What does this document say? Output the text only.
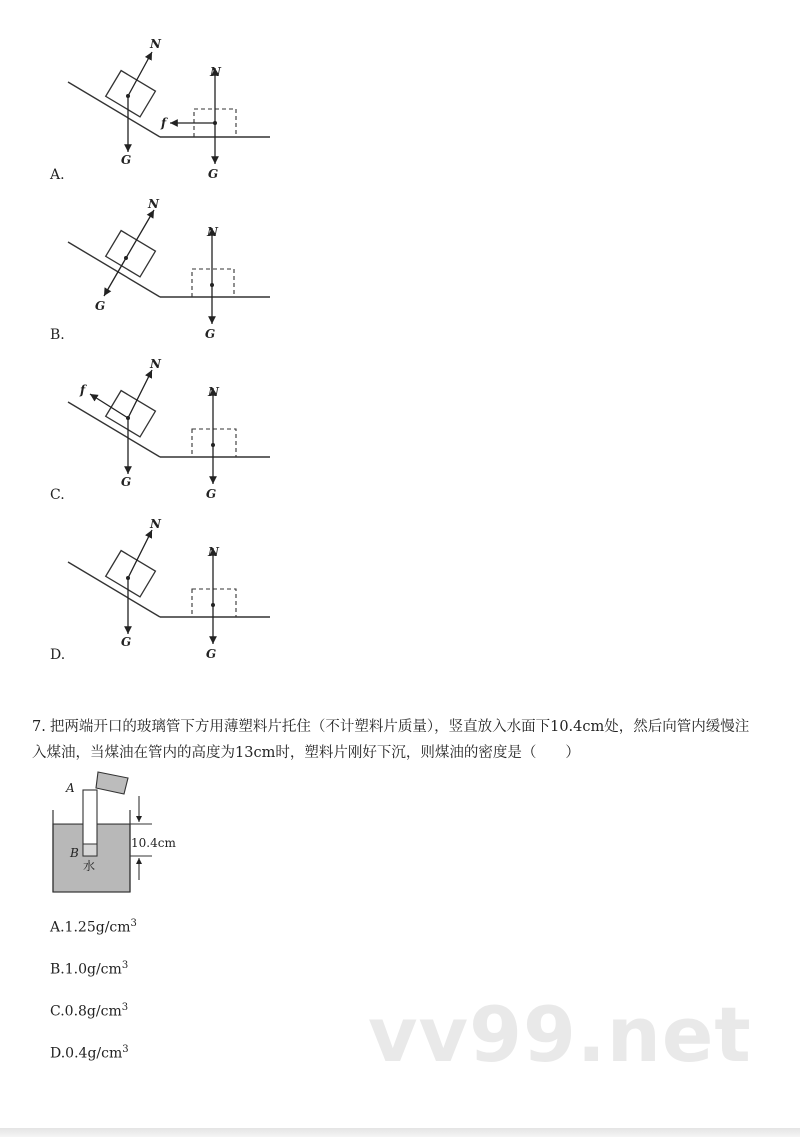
N
G
N
G
f
A.
N
G
N
G
B.
N
G
f	N
G
C.
N
G
N
G
D.
7. 把两端开口的玻璃管下方用薄塑料片托住（不计塑料片质量），竖直放入水面下10.4cm处，然后向管内缓慢注入煤油，当煤油在管内的高度为13cm时，塑料片刚好下沉，则煤油的密度是（　　）
A
B
水
10.4cm
$A.1.25g/cm^3$
$B.1.0g/cm^3$
$C.0.8g/cm^3$
$D.0.4g/cm^3$	vv99.net
